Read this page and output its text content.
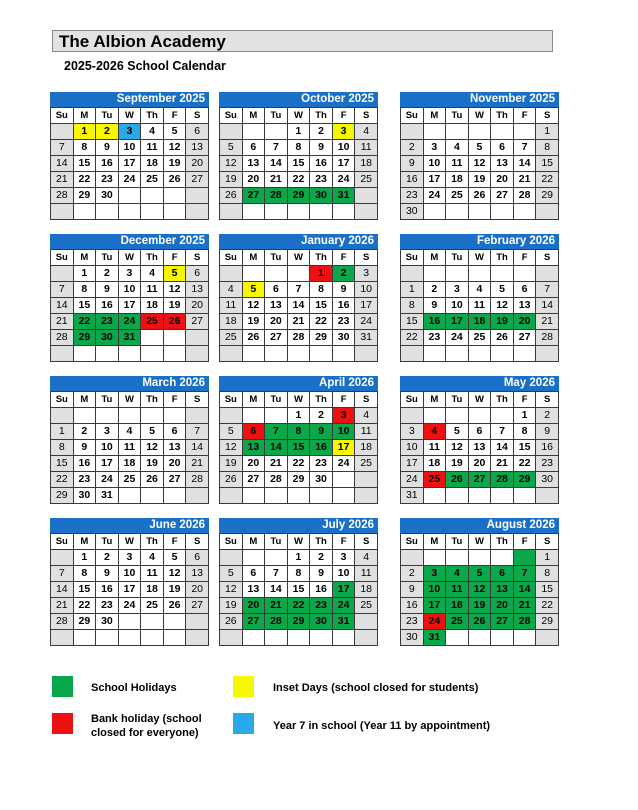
The Albion Academy
2025-2026 School Calendar
September 2025
Su	M	Tu	W	Th	F	S
	1	2	3	4	5	6
7	8	9	10	11	12	13
14	15	16	17	18	19	20
21	22	23	24	25	26	27
28	29	30				

October 2025
Su	M	Tu	W	Th	F	S
			1	2	3	4
5	6	7	8	9	10	11
12	13	14	15	16	17	18
19	20	21	22	23	24	25
26	27	28	29	30	31	

November 2025
Su	M	Tu	W	Th	F	S
						1
2	3	4	5	6	7	8
9	10	11	12	13	14	15
16	17	18	19	20	21	22
23	24	25	26	27	28	29
30						
December 2025
Su	M	Tu	W	Th	F	S
	1	2	3	4	5	6
7	8	9	10	11	12	13
14	15	16	17	18	19	20
21	22	23	24	25	26	27
28	29	30	31			

January 2026
Su	M	Tu	W	Th	F	S
				1	2	3
4	5	6	7	8	9	10
11	12	13	14	15	16	17
18	19	20	21	22	23	24
25	26	27	28	29	30	31

February 2026
Su	M	Tu	W	Th	F	S

1	2	3	4	5	6	7
8	9	10	11	12	13	14
15	16	17	18	19	20	21
22	23	24	25	26	27	28

March 2026
Su	M	Tu	W	Th	F	S

1	2	3	4	5	6	7
8	9	10	11	12	13	14
15	16	17	18	19	20	21
22	23	24	25	26	27	28
29	30	31				
April 2026
Su	M	Tu	W	Th	F	S
			1	2	3	4
5	6	7	8	9	10	11
12	13	14	15	16	17	18
19	20	21	22	23	24	25
26	27	28	29	30		

May 2026
Su	M	Tu	W	Th	F	S
					1	2
3	4	5	6	7	8	9
10	11	12	13	14	15	16
17	18	19	20	21	22	23
24	25	26	27	28	29	30
31						
June 2026
Su	M	Tu	W	Th	F	S
	1	2	3	4	5	6
7	8	9	10	11	12	13
14	15	16	17	18	19	20
21	22	23	24	25	26	27
28	29	30				

July 2026
Su	M	Tu	W	Th	F	S
			1	2	3	4
5	6	7	8	9	10	11
12	13	14	15	16	17	18
19	20	21	22	23	24	25
26	27	28	29	30	31	

August 2026
Su	M	Tu	W	Th	F	S
						1
2	3	4	5	6	7	8
9	10	11	12	13	14	15
16	17	18	19	20	21	22
23	24	25	26	27	28	29
30	31					
School Holidays	Inset Days (school closed for students)
Bank holiday (school closed for everyone)
Year 7 in school (Year 11 by appointment)
